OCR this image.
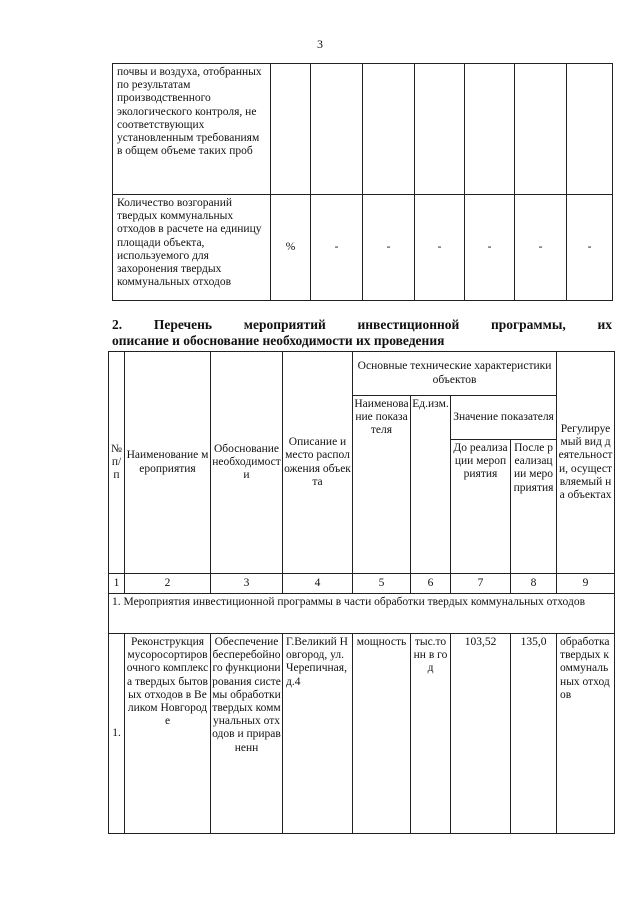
3
почвы и воздуха, отобранных по результатам производственного экологического контроля, не соответствующих установленным требованиям в общем объеме таких проб							
Количество возгораний твердых коммунальных отходов в расчете на единицу площади объекта, используемого для захоронения твердых коммунальных отходов	%	-	-	-	-	-	-
2. Перечень мероприятий инвестиционной программы, их
описание и обоснование необходимости их проведения
№ п/п	Наименование мероприятия	Обоснование необходимости	Описание и место расположения объекта	Основные технические характеристики объектов				Регулируемый вид деятельности, осуществляемый на объектах
				Наименование показателя	Ед.изм.	Значение показателя		
						До реализации мероприятия	После реализации мероприятия	
1	2	3	4	5	6	7	8	9
1. Мероприятия инвестиционной программы в части обработки твердых коммунальных отходов								
1.	Реконструкция мусоросортировочного комплекса твердых бытовых отходов в Великом Новгороде	Обеспечение бесперебойного функционирования системы обработки твердых коммунальных отходов и приравненн	Г.Великий Новгород, ул.Черепичная,д.4	мощность	тыс.тонн в год	103,52	135,0	обработка твердых коммунальных отходов
